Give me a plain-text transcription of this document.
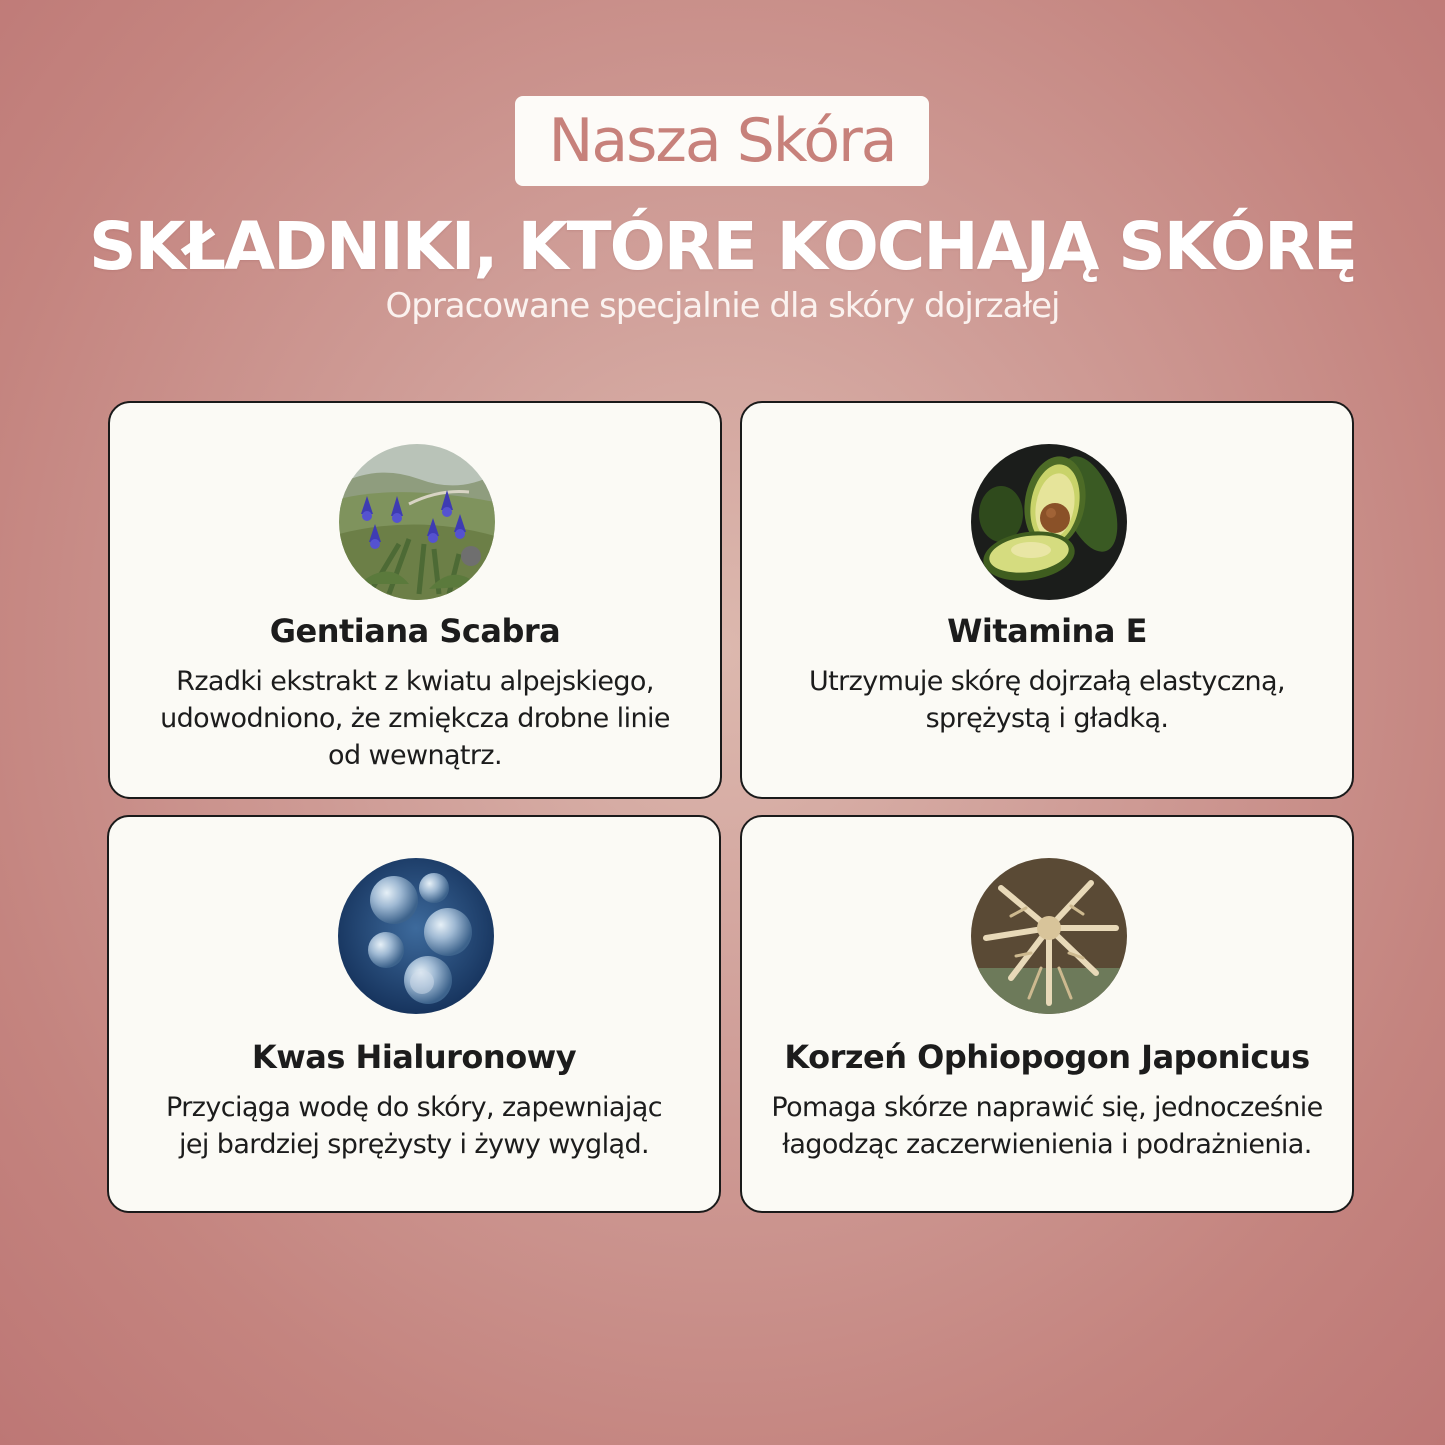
Nasza Skóra
SKŁADNIKI, KTÓRE KOCHAJĄ SKÓRĘ
Opracowane specjalnie dla skóry dojrzałej
Gentiana Scabra
Rzadki ekstrakt z kwiatu alpejskiego,
udowodniono, że zmiękcza drobne linie
od wewnątrz.
Witamina E
Utrzymuje skórę dojrzałą elastyczną,
sprężystą i gładką.
Kwas Hialuronowy
Przyciąga wodę do skóry, zapewniając
jej bardziej sprężysty i żywy wygląd.
Korzeń Ophiopogon Japonicus
Pomaga skórze naprawić się, jednocześnie
łagodząc zaczerwienienia i podrażnienia.
